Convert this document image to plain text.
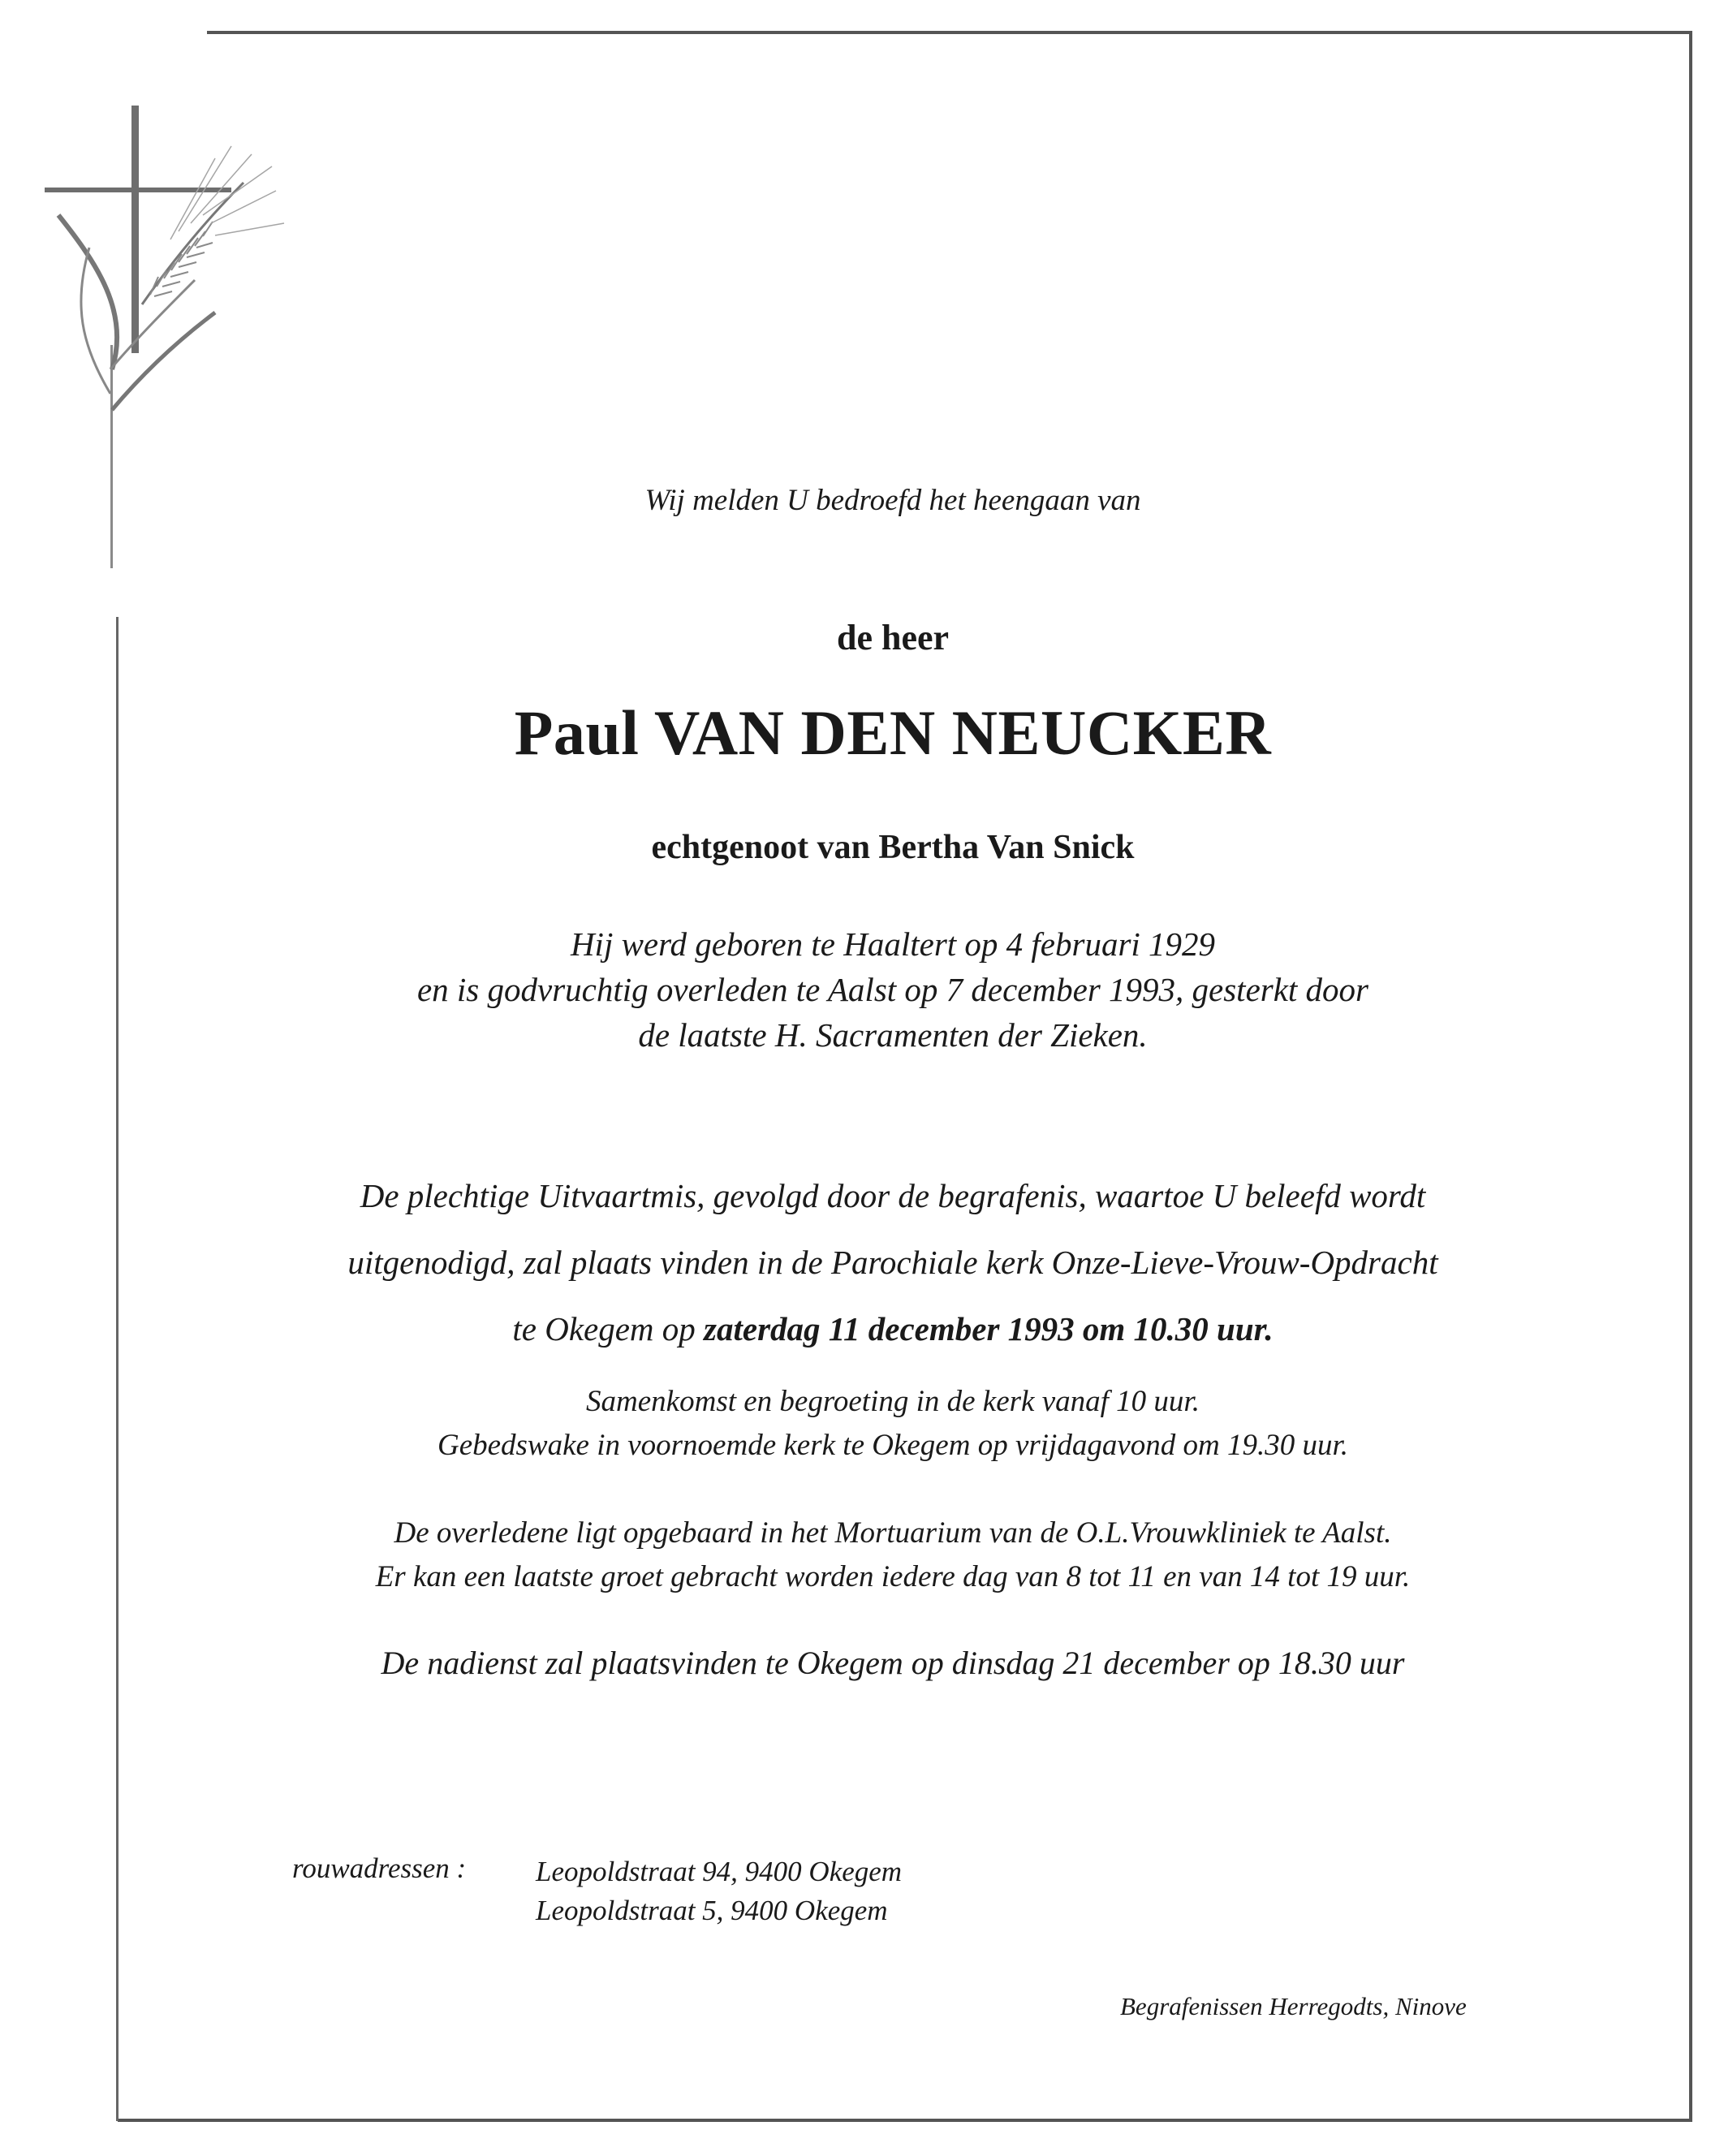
Wij melden U bedroefd het heengaan van
de heer
Paul VAN DEN NEUCKER
echtgenoot van Bertha Van Snick
Hij werd geboren te Haaltert op 4 februari 1929
en is godvruchtig overleden te Aalst op 7 december 1993, gesterkt door
de laatste H. Sacramenten der Zieken.
De plechtige Uitvaartmis, gevolgd door de begrafenis, waartoe U beleefd wordt
uitgenodigd, zal plaats vinden in de Parochiale kerk Onze-Lieve-Vrouw-Opdracht
te Okegem op zaterdag 11 december 1993 om 10.30 uur.
Samenkomst en begroeting in de kerk vanaf 10 uur.
Gebedswake in voornoemde kerk te Okegem op vrijdagavond om 19.30 uur.
De overledene ligt opgebaard in het Mortuarium van de O.L.Vrouwkliniek te Aalst.
Er kan een laatste groet gebracht worden iedere dag van 8 tot 11 en van 14 tot 19 uur.
De nadienst zal plaatsvinden te Okegem op dinsdag 21 december op 18.30 uur
rouwadressen : Leopoldstraat 94, 9400 Okegem
Leopoldstraat 5, 9400 Okegem
Begrafenissen Herregodts, Ninove
